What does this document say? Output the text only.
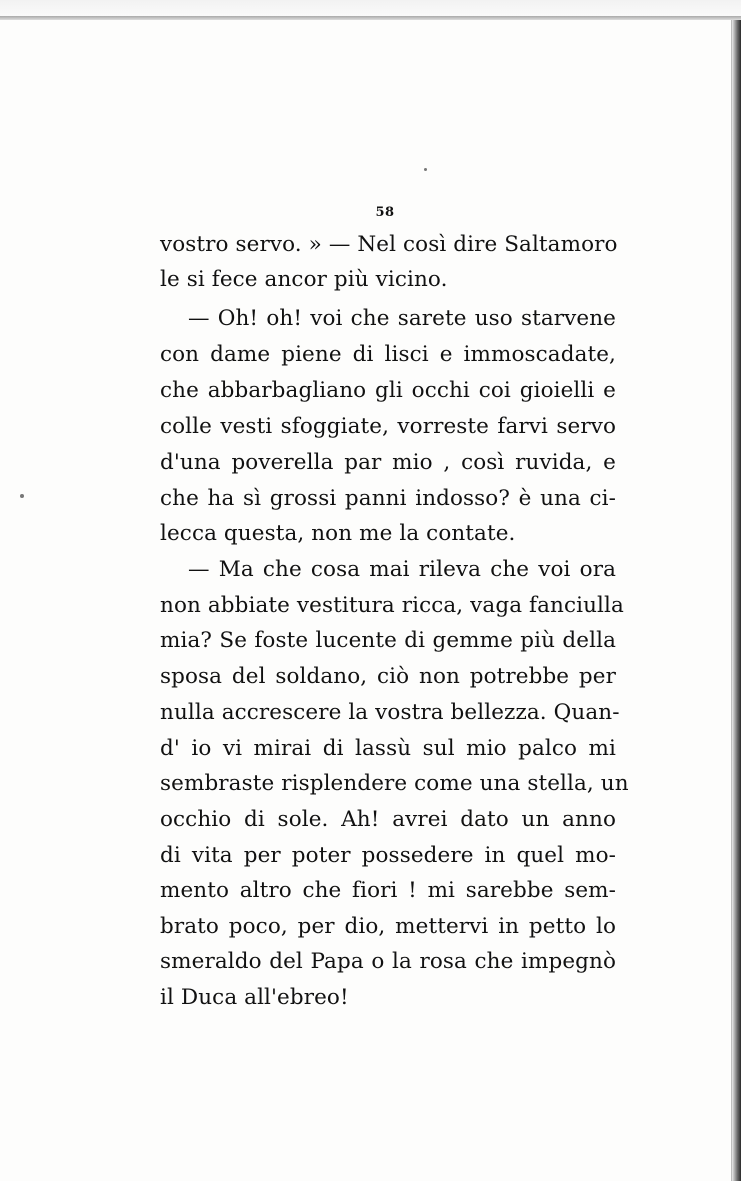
58
vostro servo. » — Nel così dire Saltamoro
le si fece ancor più vicino.
— Oh! oh! voi che sarete uso starvene
con dame piene di lisci e immoscadate,
che abbarbagliano gli occhi coi gioielli e
colle vesti sfoggiate, vorreste farvi servo
d'una poverella par mio , così ruvida, e
che ha sì grossi panni indosso? è una ci-
lecca questa, non me la contate.
— Ma che cosa mai rileva che voi ora
non abbiate vestitura ricca, vaga fanciulla
mia? Se foste lucente di gemme più della
sposa del soldano, ciò non potrebbe per
nulla accrescere la vostra bellezza. Quan-
d' io vi mirai di lassù sul mio palco mi
sembraste risplendere come una stella, un
occhio di sole. Ah! avrei dato un anno
di vita per poter possedere in quel mo-
mento altro che fiori ! mi sarebbe sem-
brato poco, per dio, mettervi in petto lo
smeraldo del Papa o la rosa che impegnò
il Duca all'ebreo!
